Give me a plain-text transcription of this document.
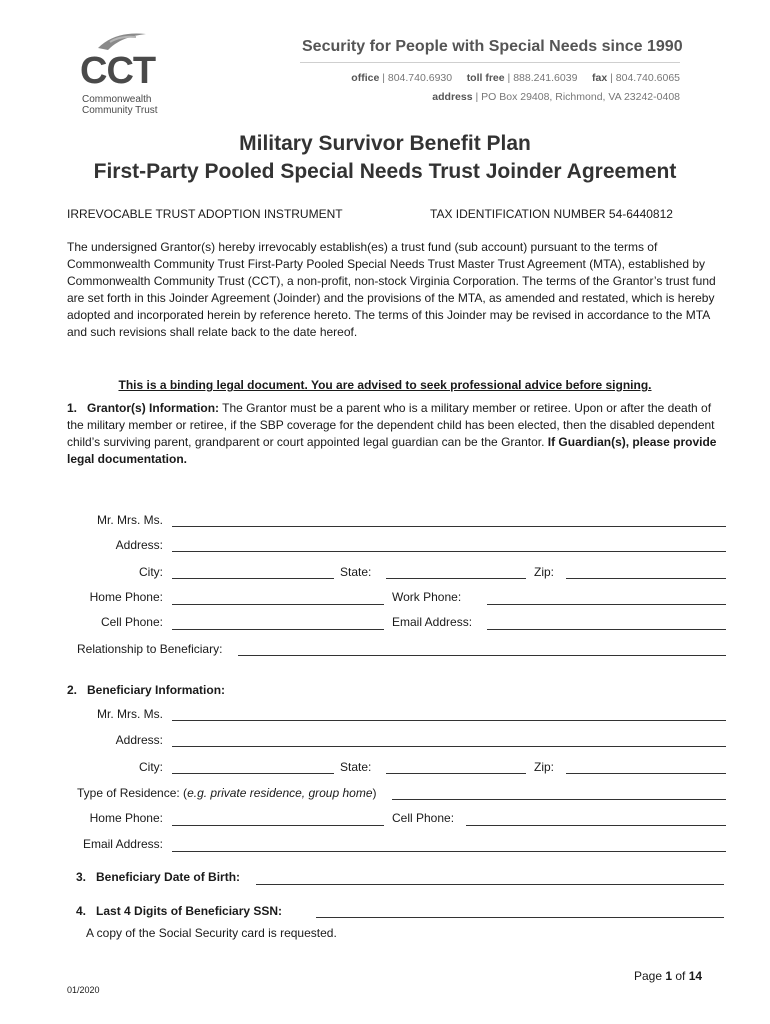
CCT
Commonwealth
Community Trust
Security for People with Special Needs since 1990
office | 804.740.6930 toll free | 888.241.6039 fax | 804.740.6065
address | PO Box 29408, Richmond, VA 23242-0408
Military Survivor Benefit Plan
First-Party Pooled Special Needs Trust Joinder Agreement
IRREVOCABLE TRUST ADOPTION INSTRUMENT	TAX IDENTIFICATION NUMBER 54-6440812
The undersigned Grantor(s) hereby irrevocably establish(es) a trust fund (sub account) pursuant to the terms of Commonwealth Community Trust First-Party Pooled Special Needs Trust Master Trust Agreement (MTA), established by Commonwealth Community Trust (CCT), a non-profit, non-stock Virginia Corporation. The terms of the Grantor’s trust fund are set forth in this Joinder Agreement (Joinder) and the provisions of the MTA, as amended and restated, which is hereby adopted and incorporated herein by reference hereto. The terms of this Joinder may be revised in accordance to the MTA and such revisions shall relate back to the date hereof.
This is a binding legal document. You are advised to seek professional advice before signing.
1. Grantor(s) Information: The Grantor must be a parent who is a military member or retiree. Upon or after the death of the military member or retiree, if the SBP coverage for the dependent child has been elected, then the disabled dependent child’s surviving parent, grandparent or court appointed legal guardian can be the Grantor. If Guardian(s), please provide legal documentation.
Mr. Mrs. Ms.
Address:
City:	State:	Zip:
Home Phone:	Work Phone:
Cell Phone:	Email Address:
Relationship to Beneficiary:
2.   Beneficiary Information:
Mr. Mrs. Ms.
Address:
City:	State:	Zip:
Type of Residence: (e.g. private residence, group home)
Home Phone:	Cell Phone:
Email Address:
3.   Beneficiary Date of Birth:
4.   Last 4 Digits of Beneficiary SSN:
A copy of the Social Security card is requested.
Page 1 of 14
01/2020
